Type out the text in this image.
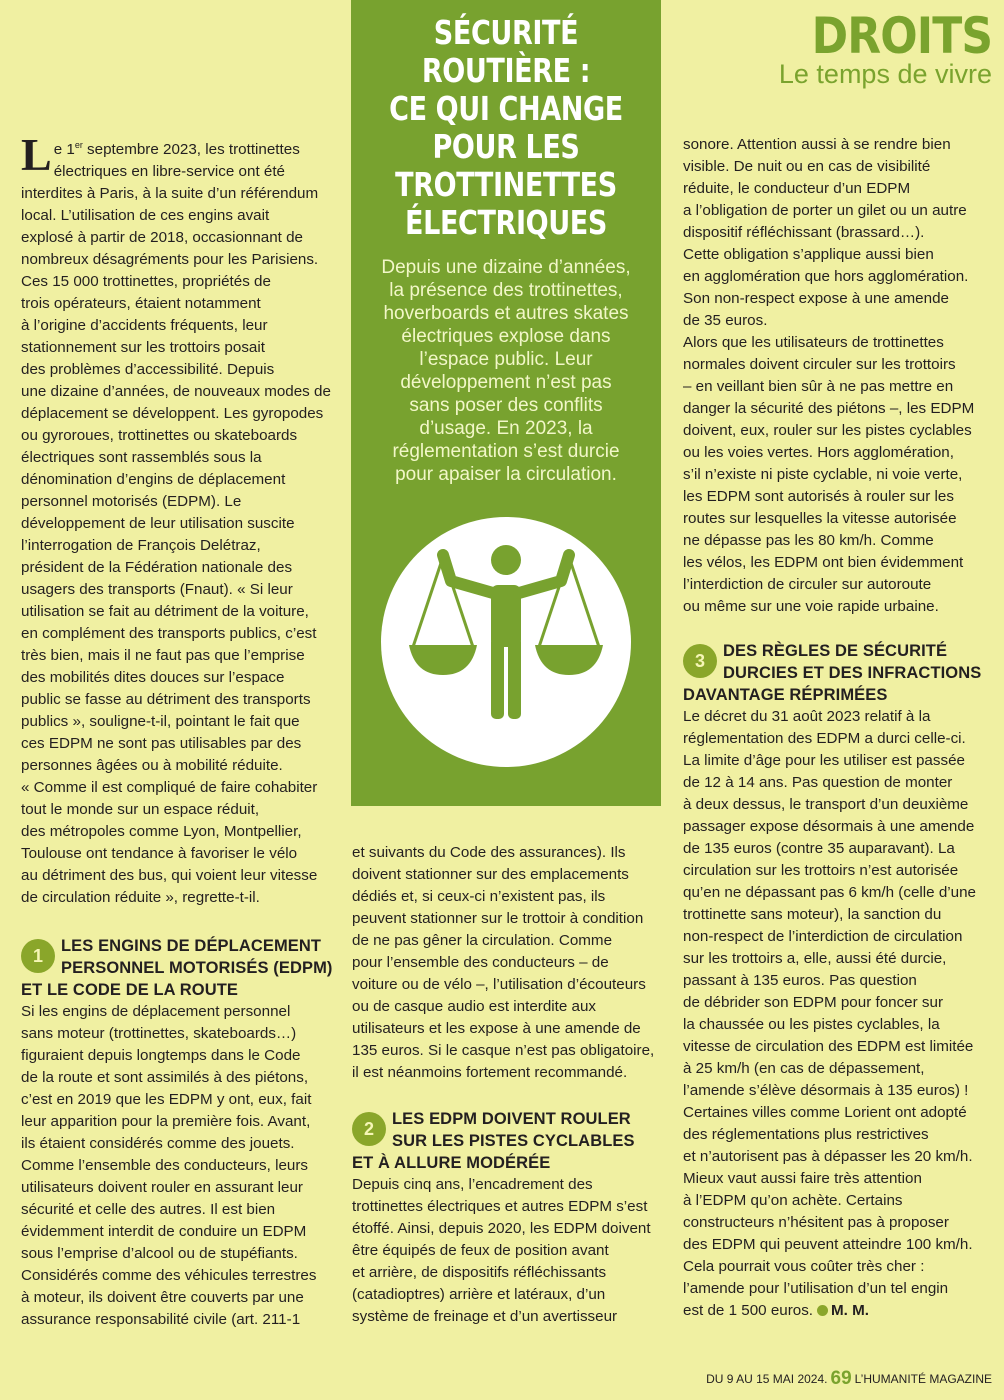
DROITS

Le temps de vivre

SÉCURITÉ
ROUTIÈRE :
CE QUI CHANGE
POUR LES
TROTTINETTES
ÉLECTRIQUES

Depuis une dizaine d’années,
la présence des trottinettes,
hoverboards et autres skates
électriques explose dans
l’espace public. Leur
développement n’est pas
sans poser des conflits
d’usage. En 2023, la
réglementation s’est durcie
pour apaiser la circulation.

Le 1er septembre 2023, les trottinettes
électriques en libre-service ont été
interdites à Paris, à la suite d’un référendum
local. L’utilisation de ces engins avait
explosé à partir de 2018, occasionnant de
nombreux désagréments pour les Parisiens.
Ces 15 000 trottinettes, propriétés de
trois opérateurs, étaient notamment
à l’origine d’accidents fréquents, leur
stationnement sur les trottoirs posait
des problèmes d’accessibilité. Depuis
une dizaine d’années, de nouveaux modes de
déplacement se développent. Les gyropodes
ou gyroroues, trottinettes ou skateboards
électriques sont rassemblés sous la
dénomination d’engins de déplacement
personnel motorisés (EDPM). Le
développement de leur utilisation suscite
l’interrogation de François Delétraz,
président de la Fédération nationale des
usagers des transports (Fnaut). « Si leur
utilisation se fait au détriment de la voiture,
en complément des transports publics, c’est
très bien, mais il ne faut pas que l’emprise
des mobilités dites douces sur l’espace
public se fasse au détriment des transports
publics », souligne-t-il, pointant le fait que
ces EDPM ne sont pas utilisables par des
personnes âgées ou à mobilité réduite.
« Comme il est compliqué de faire cohabiter
tout le monde sur un espace réduit,
des métropoles comme Lyon, Montpellier,
Toulouse ont tendance à favoriser le vélo
au détriment des bus, qui voient leur vitesse
de circulation réduite », regrette-t-il.

1	LES ENGINS DE DÉPLACEMENT
PERSONNEL MOTORISÉS (EDPM)
ET LE CODE DE LA ROUTE

Si les engins de déplacement personnel
sans moteur (trottinettes, skateboards…)
figuraient depuis longtemps dans le Code
de la route et sont assimilés à des piétons,
c’est en 2019 que les EDPM y ont, eux, fait
leur apparition pour la première fois. Avant,
ils étaient considérés comme des jouets.
Comme l’ensemble des conducteurs, leurs
utilisateurs doivent rouler en assurant leur
sécurité et celle des autres. Il est bien
évidemment interdit de conduire un EDPM
sous l’emprise d’alcool ou de stupéfiants.
Considérés comme des véhicules terrestres
à moteur, ils doivent être couverts par une
assurance responsabilité civile (art. 211-1

et suivants du Code des assurances). Ils
doivent stationner sur des emplacements
dédiés et, si ceux-ci n’existent pas, ils
peuvent stationner sur le trottoir à condition
de ne pas gêner la circulation. Comme
pour l’ensemble des conducteurs – de
voiture ou de vélo –, l’utilisation d’écouteurs
ou de casque audio est interdite aux
utilisateurs et les expose à une amende de
135 euros. Si le casque n’est pas obligatoire,
il est néanmoins fortement recommandé.

2	LES EDPM DOIVENT ROULER
SUR LES PISTES CYCLABLES
ET À ALLURE MODÉRÉE

Depuis cinq ans, l’encadrement des
trottinettes électriques et autres EDPM s’est
étoffé. Ainsi, depuis 2020, les EDPM doivent
être équipés de feux de position avant
et arrière, de dispositifs réfléchissants
(catadioptres) arrière et latéraux, d’un
système de freinage et d’un avertisseur

sonore. Attention aussi à se rendre bien
visible. De nuit ou en cas de visibilité
réduite, le conducteur d’un EDPM
a l’obligation de porter un gilet ou un autre
dispositif réfléchissant (brassard…).
Cette obligation s’applique aussi bien
en agglomération que hors agglomération.
Son non-respect expose à une amende
de 35 euros.
Alors que les utilisateurs de trottinettes
normales doivent circuler sur les trottoirs
– en veillant bien sûr à ne pas mettre en
danger la sécurité des piétons –, les EDPM
doivent, eux, rouler sur les pistes cyclables
ou les voies vertes. Hors agglomération,
s’il n’existe ni piste cyclable, ni voie verte,
les EDPM sont autorisés à rouler sur les
routes sur lesquelles la vitesse autorisée
ne dépasse pas les 80 km/h. Comme
les vélos, les EDPM ont bien évidemment
l’interdiction de circuler sur autoroute
ou même sur une voie rapide urbaine.

3	DES RÈGLES DE SÉCURITÉ
DURCIES ET DES INFRACTIONS
DAVANTAGE RÉPRIMÉES

Le décret du 31 août 2023 relatif à la
réglementation des EDPM a durci celle-ci.
La limite d’âge pour les utiliser est passée
de 12 à 14 ans. Pas question de monter
à deux dessus, le transport d’un deuxième
passager expose désormais à une amende
de 135 euros (contre 35 auparavant). La
circulation sur les trottoirs n’est autorisée
qu’en ne dépassant pas 6 km/h (celle d’une
trottinette sans moteur), la sanction du
non-respect de l’interdiction de circulation
sur les trottoirs a, elle, aussi été durcie,
passant à 135 euros. Pas question
de débrider son EDPM pour foncer sur
la chaussée ou les pistes cyclables, la
vitesse de circulation des EDPM est limitée
à 25 km/h (en cas de dépassement,
l’amende s’élève désormais à 135 euros) !
Certaines villes comme Lorient ont adopté
des réglementations plus restrictives
et n’autorisent pas à dépasser les 20 km/h.
Mieux vaut aussi faire très attention
à l’EDPM qu’on achète. Certains
constructeurs n’hésitent pas à proposer
des EDPM qui peuvent atteindre 100 km/h.
Cela pourrait vous coûter très cher :
l’amende pour l’utilisation d’un tel engin
est de 1 500 euros. M. M.

DU 9 AU 15 MAI 2024. 69 L’HUMANITÉ MAGAZINE
